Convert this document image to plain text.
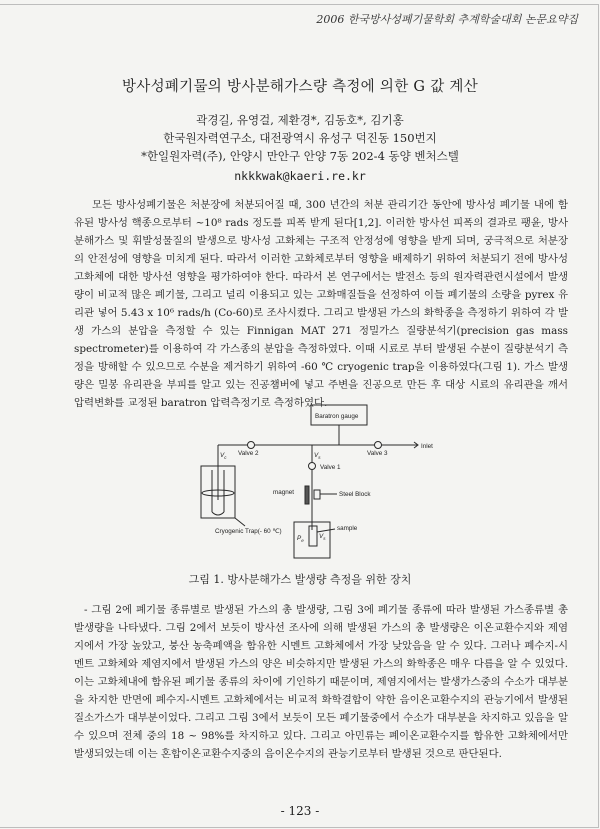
2006 한국방사성폐기물학회 추계학술대회 논문요약집
방사성폐기물의 방사분해가스량 측정에 의한 G 값 계산
곽경길, 유영걸, 제환경*, 김동호*, 김기홍
한국원자력연구소, 대전광역시 유성구 덕진동 150번지
*한일원자력(주), 안양시 만안구 안양 7동 202-4 동양 벤처스텔
nkkkwak@kaeri.re.kr

모든 방사성폐기물은 처분장에 처분되어질 때, 300 년간의 처분 관리기간 동안에 방사성 폐기물 내에 함유된 방사성 핵종으로부터 ~10⁸ rads 정도를 피폭 받게 된다[1,2]. 이러한 방사선 피폭의 결과로 팽윤, 방사분해가스 및 휘발성물질의 발생으로 방사성 고화체는 구조적 안정성에 영향을 받게 되며, 궁극적으로 처분장의 안전성에 영향을 미치게 된다. 따라서 이러한 고화체로부터 영향을 배제하기 위하여 처분되기 전에 방사성 고화체에 대한 방사선 영향을 평가하여야 한다. 따라서 본 연구에서는 발전소 등의 원자력관련시설에서 발생량이 비교적 많은 폐기물, 그리고 널리 이용되고 있는 고화매질들을 선정하여 이들 폐기물의 소량을 pyrex 유리관 넣어 5.43 x 10⁶ rads/h (Co-60)로 조사시켰다. 그리고 발생된 가스의 화학종을 측정하기 위하여 각 발생 가스의 분압을 측정할 수 있는 Finnigan MAT 271 정밀가스 질량분석기(precision gas mass spectrometer)를 이용하여 각 가스종의 분압을 측정하였다. 이때 시료로 부터 발생된 수분이 질량분석기 측정을 방해할 수 있으므로 수분을 제거하기 위하여 -60 ℃ cryogenic trap을 이용하였다(그림 1). 가스 발생량은 밀봉 유리관을 부피를 알고 있는 진공챔버에 넣고 주변을 진공으로 만든 후 대상 시료의 유리관을 깨서 압력변화를 교정된 baratron 압력측정기로 측정하였다.

Baratron gauge
Valve 2	Valve 3
Valve 1
Inlet
magnet	Steel Block
Cryogenic Trap(- 60 ℃)	sample
$V_c$	$V_s$
$P_e$
$V_s$
그림 1. 방사분해가스 발생량 측정을 위한 장치

- 그림 2에 폐기물 종류별로 발생된 가스의 총 발생량, 그림 3에 폐기물 종류에 따라 발생된 가스종류별 총 발생량을 나타냈다. 그림 2에서 보듯이 방사선 조사에 의해 발생된 가스의 총 발생량은 이온교환수지와 제염지에서 가장 높았고, 붕산 농축폐액을 함유한 시멘트 고화체에서 가장 낮았음을 알 수 있다. 그러나 폐수지-시멘트 고화체와 제염지에서 발생된 가스의 양은 비슷하지만 발생된 가스의 화학종은 매우 다름을 알 수 있었다. 이는 고화체내에 함유된 폐기물 종류의 차이에 기인하기 때문이며, 제염지에서는 발생가스중의 수소가 대부분을 차지한 반면에 폐수지-시멘트 고화체에서는 비교적 화학결합이 약한 음이온교환수지의 관능기에서 발생된 질소가스가 대부분이었다. 그리고 그림 3에서 보듯이 모든 폐기물중에서 수소가 대부분을 차지하고 있음을 알 수 있으며 전체 중의 18 ~ 98%를 차지하고 있다. 그리고 아민류는 폐이온교환수지를 함유한 고화체에서만 발생되었는데 이는 혼합이온교환수지중의 음이온수지의 관능기로부터 발생된 것으로 판단된다.

- 123 -
